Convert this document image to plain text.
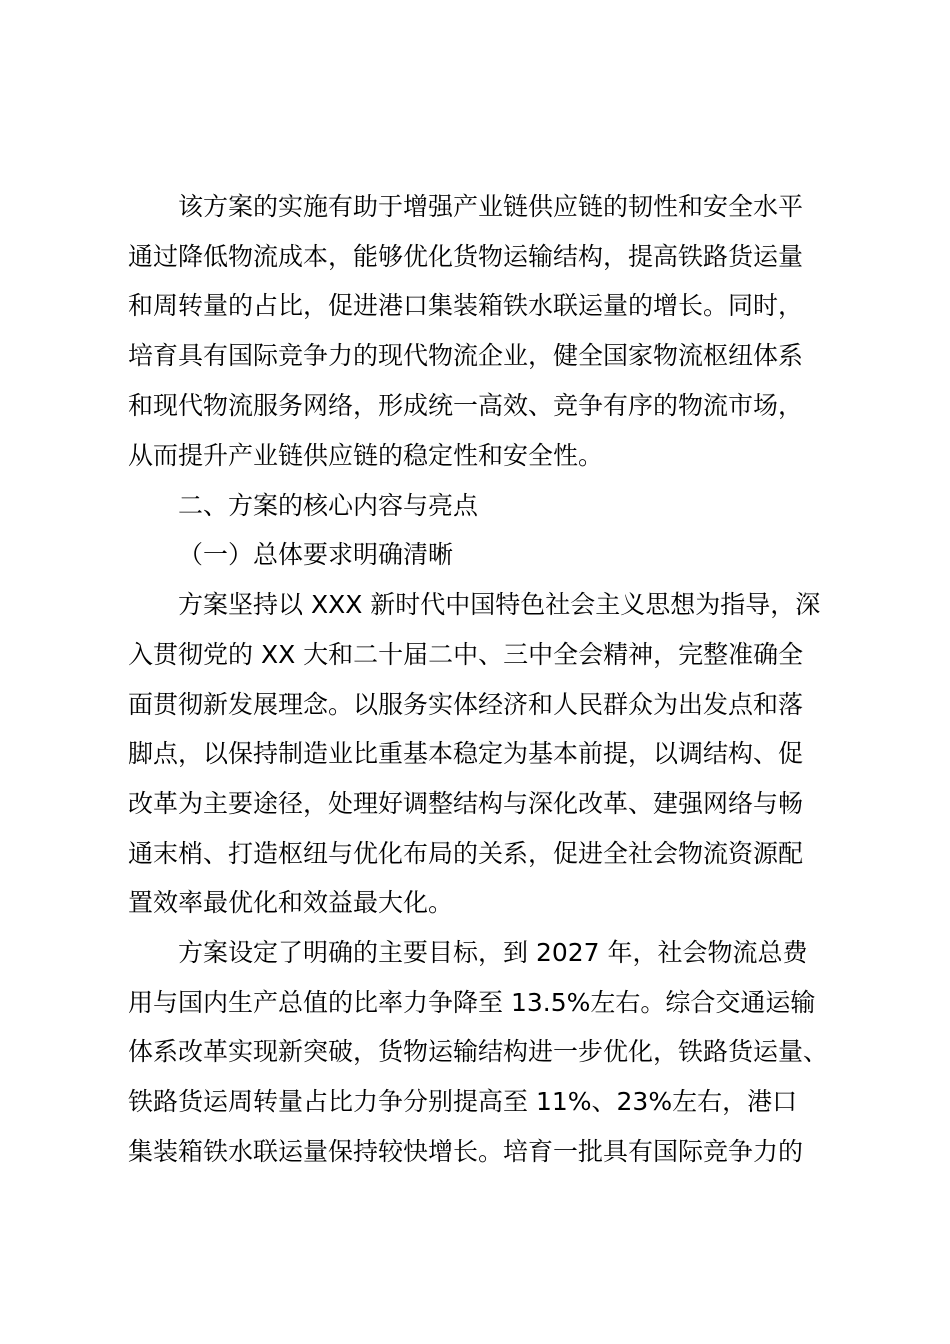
该方案的实施有助于增强产业链供应链的韧性和安全水平
通过降低物流成本，能够优化货物运输结构，提高铁路货运量
和周转量的占比，促进港口集装箱铁水联运量的增长。同时，
培育具有国际竞争力的现代物流企业，健全国家物流枢纽体系
和现代物流服务网络，形成统一高效、竞争有序的物流市场，
从而提升产业链供应链的稳定性和安全性。
二、方案的核心内容与亮点
（一）总体要求明确清晰
方案坚持以 XXX 新时代中国特色社会主义思想为指导，深
入贯彻党的 XX 大和二十届二中、三中全会精神，完整准确全
面贯彻新发展理念。以服务实体经济和人民群众为出发点和落
脚点，以保持制造业比重基本稳定为基本前提，以调结构、促
改革为主要途径，处理好调整结构与深化改革、建强网络与畅
通末梢、打造枢纽与优化布局的关系，促进全社会物流资源配
置效率最优化和效益最大化。
方案设定了明确的主要目标，到 2027 年，社会物流总费
用与国内生产总值的比率力争降至 13.5%左右。综合交通运输
体系改革实现新突破，货物运输结构进一步优化，铁路货运量、
铁路货运周转量占比力争分别提高至 11%、23%左右，港口
集装箱铁水联运量保持较快增长。培育一批具有国际竞争力的
